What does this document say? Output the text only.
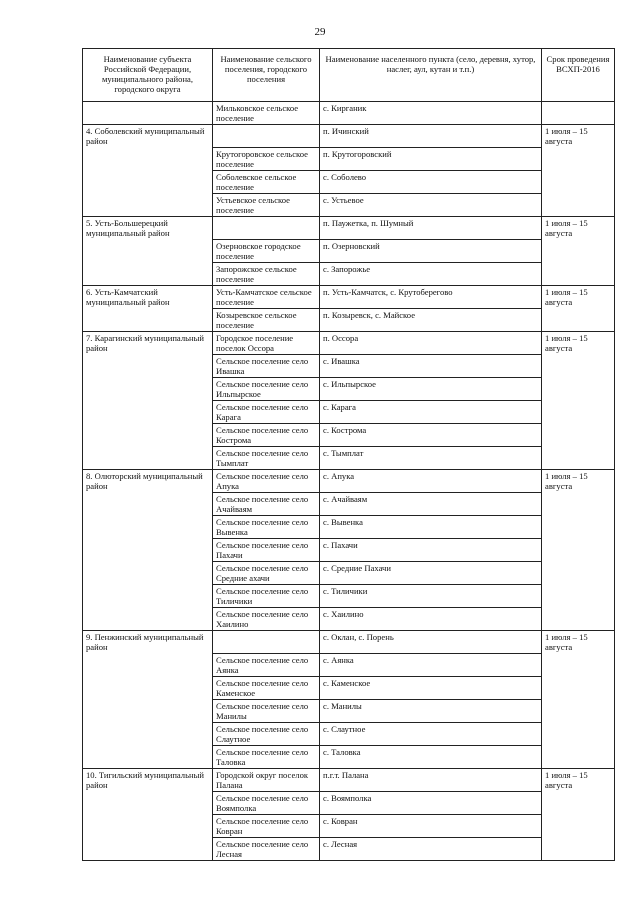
29
Наименование субъекта Российской Федерации, муниципального района, городского округа	Наименование сельского поселения, городского поселения	Наименование населенного пункта (село, деревня, хутор, наслег, аул, кутан и т.п.)	Срок проведения ВСХП-2016
	Мильковское сельское поселение	с. Кирганик	
4. Соболевский муниципальный район		п. Ичинский	1 июля – 15 августа
	Крутогоровское сельское поселение	п. Крутогоровский	
	Соболевское сельское поселение	с. Соболево	
	Устьевское сельское поселение	с. Устьевое	
5. Усть-Большерецкий муниципальный район		п. Паужетка, п. Шумный	1 июля – 15 августа
	Озерновское городское поселение	п. Озерновский	
	Запорожское сельское поселение	с. Запорожье	
6. Усть-Камчатский муниципальный район	Усть-Камчатское сельское поселение	п. Усть-Камчатск, с. Крутоберегово	1 июля – 15 августа
	Козыревское сельское поселение	п. Козыревск, с. Майское	
7. Карагинский муниципальный район	Городское поселение поселок Оссора	п. Оссора	1 июля – 15 августа
	Сельское поселение село Ивашка	с. Ивашка	
	Сельское поселение село Ильпырское	с. Ильпырское	
	Сельское поселение село Карага	с. Карага	
	Сельское поселение село Кострома	с. Кострома	
	Сельское поселение село Тымплат	с. Тымплат	
8. Олюторский муниципальный район	Сельское поселение село Апука	с. Апука	1 июля – 15 августа
	Сельское поселение село Ачайваям	с. Ачайваям	
	Сельское поселение село Вывенка	с. Вывенка	
	Сельское поселение село Пахачи	с. Пахачи	
	Сельское поселение село Средние ахачи	с. Средние Пахачи	
	Сельское поселение село Тиличики	с. Тиличики	
	Сельское поселение село Хаилино	с. Хаилино	
9. Пенжинский муниципальный район		с. Оклан, с. Порень	1 июля – 15 августа
	Сельское поселение село Аянка	с. Аянка	
	Сельское поселение село Каменское	с. Каменское	
	Сельское поселение село Манилы	с. Манилы	
	Сельское поселение село Слаутное	с. Слаутное	
	Сельское поселение село Таловка	с. Таловка	
10. Тигильский муниципальный район	Городской округ поселок Палана	п.г.т. Палана	1 июля – 15 августа
	Сельское поселение село Воямполка	с. Воямполка	
	Сельское поселение село Ковран	с. Ковран	
	Сельское поселение село Лесная	с. Лесная	
